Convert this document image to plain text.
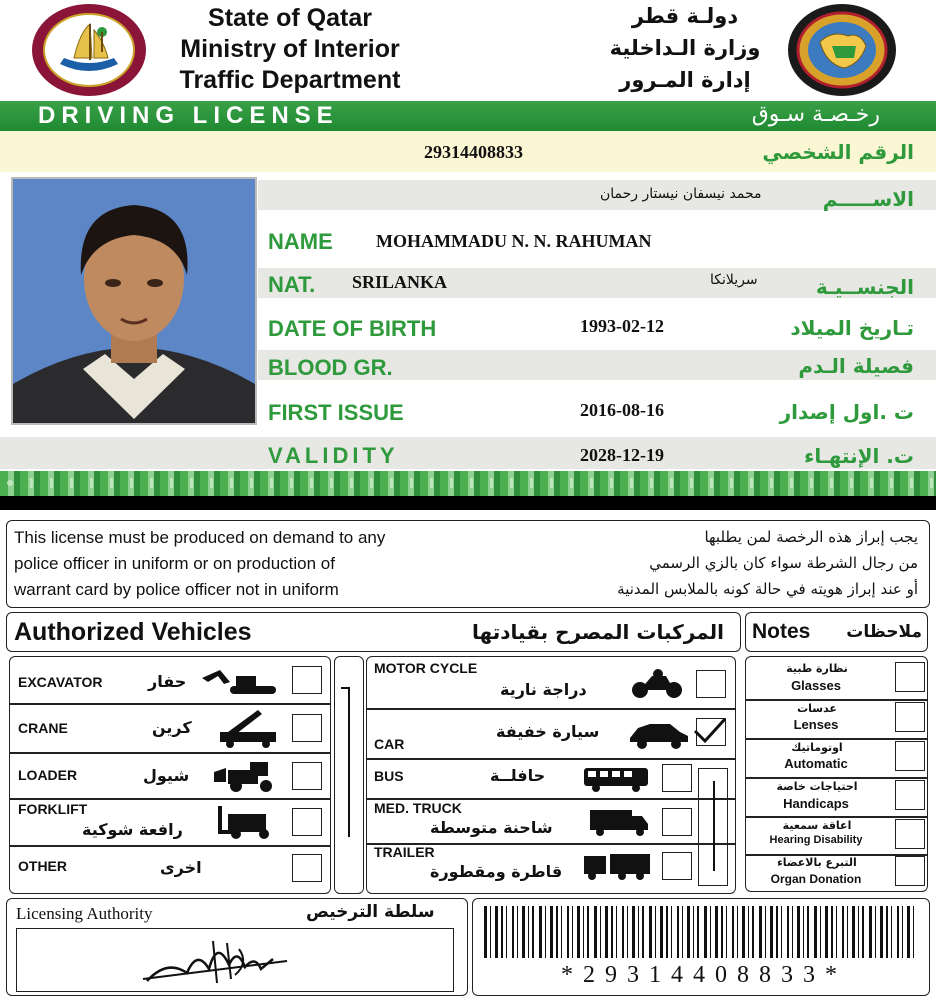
State of Qatar
Ministry of Interior
Traffic Department
دولـة قطر
وزارة الـداخلية
إدارة المـرور
DRIVING LICENSE	رخـصـة سـوق
29314408833	الرقم الشخصي
محمد نيسفان نيستار رحمان	الاســـــم
NAME MOHAMMADU N. N. RAHUMAN
NAT. SRILANKA	سريلانكا	الجنســيـة
DATE OF BIRTH	1993-02-12	تـاريخ الميلاد
BLOOD GR.	فصيلة الـدم
FIRST ISSUE	2016-08-16	ت .اول إصدار
VALIDITY	2028-12-19	ت. الإنتهـاء
This license must be produced on demand to any
police officer in uniform or on production of
warrant card by police officer not in uniform
يجب إبراز هذه الرخصة لمن يطلبها
من رجال الشرطة سواء كان بالزي الرسمي
أو عند إبراز هويته في حالة كونه بالملابس المدنية
Authorized Vehicles	المركبات المصرح بقيادتها Notes ملاحظات
EXCAVATOR	حفار
CRANE	كرين
LOADER	شيول
FORKLIFT
رافعة شوكية
OTHER	اخرى
MOTOR CYCLE
دراجة نارية
CAR
سيارة خفيفة
BUS	حافلــة
MED. TRUCK
شاحنة متوسطة
TRAILER
قاطرة ومقطورة
نظارة طبية
Glasses
عدسات
Lenses
اوتوماتيك
Automatic
احتياجات خاصة
Handicaps
اعاقة سمعية
Hearing Disability
التبرع بالاعضاء
Organ Donation
Licensing Authority	سلطة الترخيص
* 2 9 3 1 4 4 0 8 8 3 3 *
